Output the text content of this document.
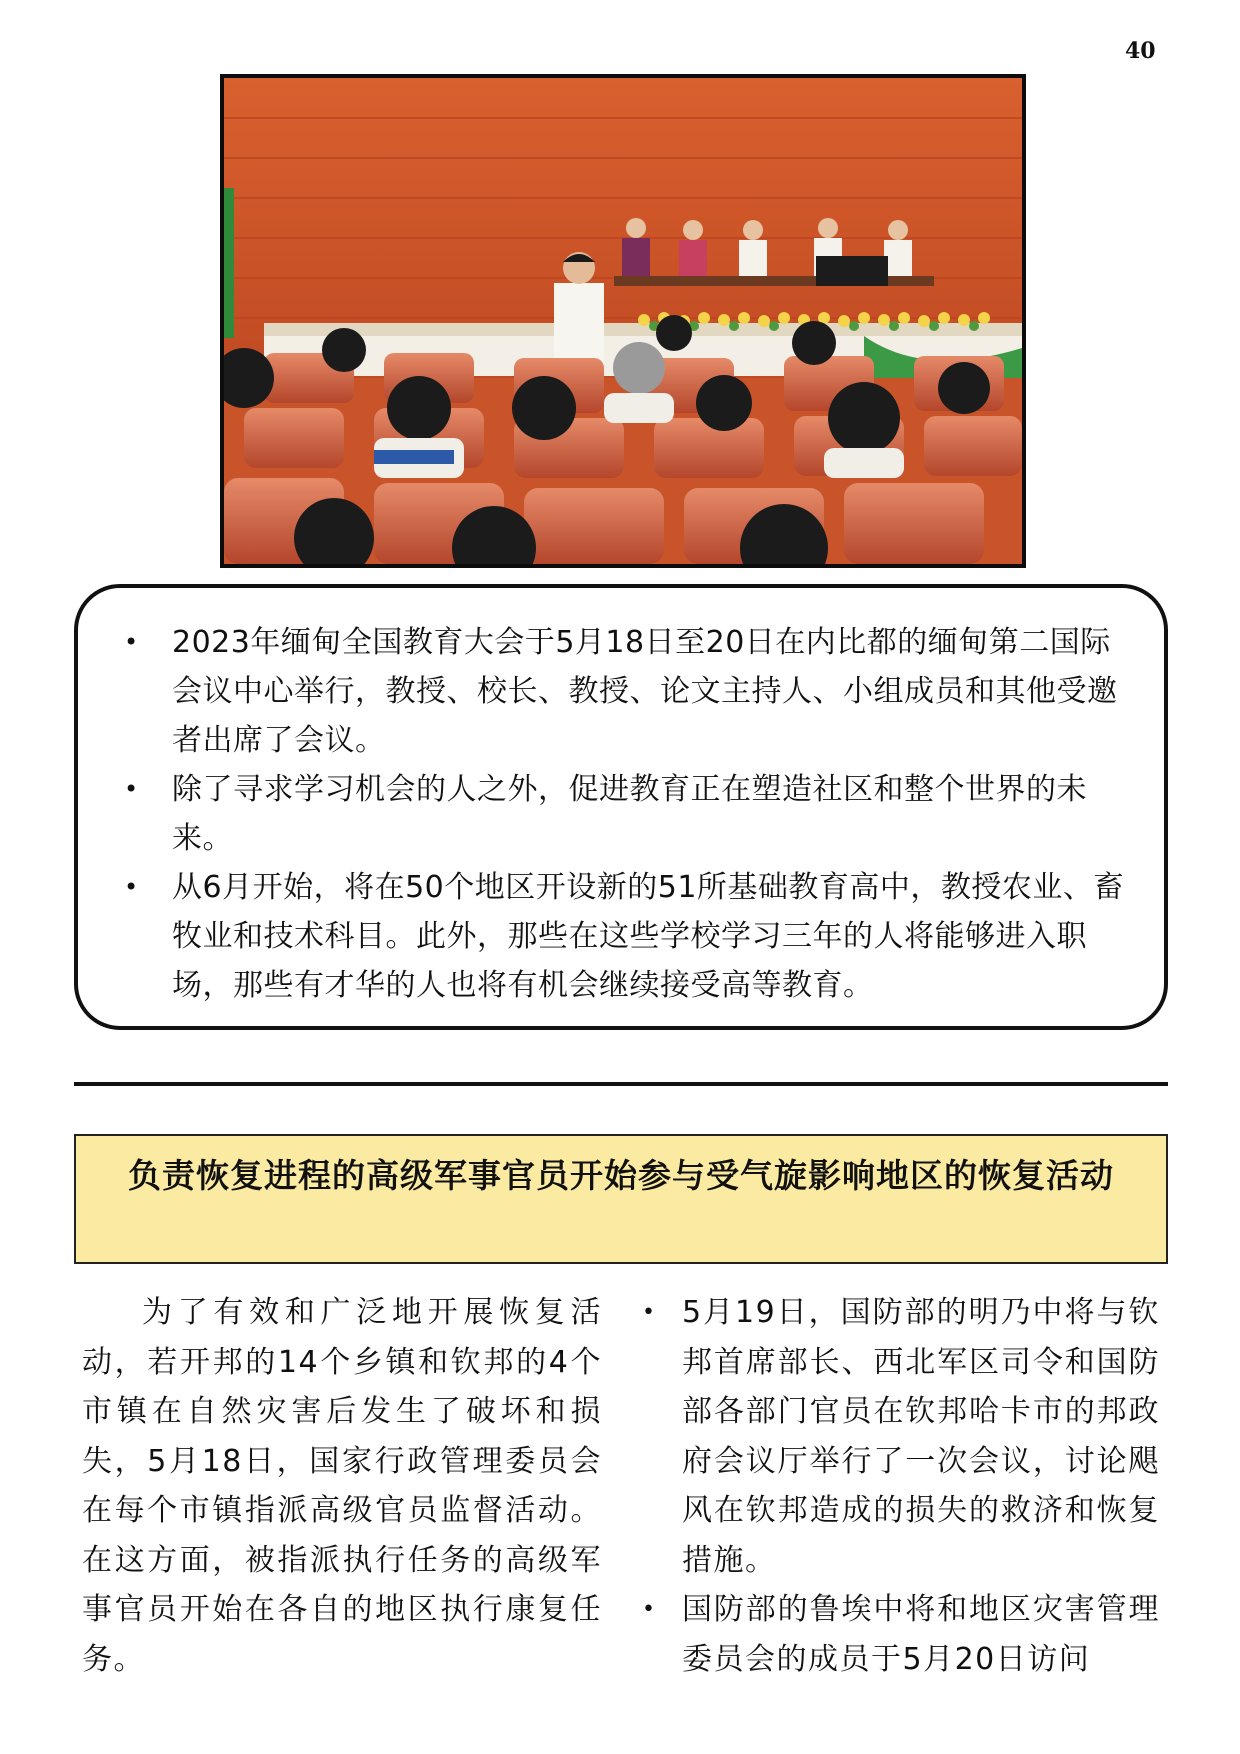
40
• 2023年缅甸全国教育大会于5月18日至20日在内比都的缅甸第二国际会议中心举行，教授、校长、教授、论文主持人、小组成员和其他受邀者出席了会议。
• 除了寻求学习机会的人之外，促进教育正在塑造社区和整个世界的未来。
• 从6月开始，将在50个地区开设新的51所基础教育高中，教授农业、畜牧业和技术科目。此外，那些在这些学校学习三年的人将能够进入职场，那些有才华的人也将有机会继续接受高等教育。
负责恢复进程的高级军事官员开始参与受气旋影响地区的恢复活动

为了有效和广泛地开展恢复活动，若开邦的14个乡镇和钦邦的4个市镇在自然灾害后发生了破坏和损失，5月18日，国家行政管理委员会在每个市镇指派高级官员监督活动。在这方面，被指派执行任务的高级军事官员开始在各自的地区执行康复任务。

• 5月19日，国防部的明乃中将与钦邦首席部长、西北军区司令和国防部各部门官员在钦邦哈卡市的邦政府会议厅举行了一次会议，讨论飓风在钦邦造成的损失的救济和恢复措施。
• 国防部的鲁埃中将和地区灾害管理委员会的成员于5月20日访问
